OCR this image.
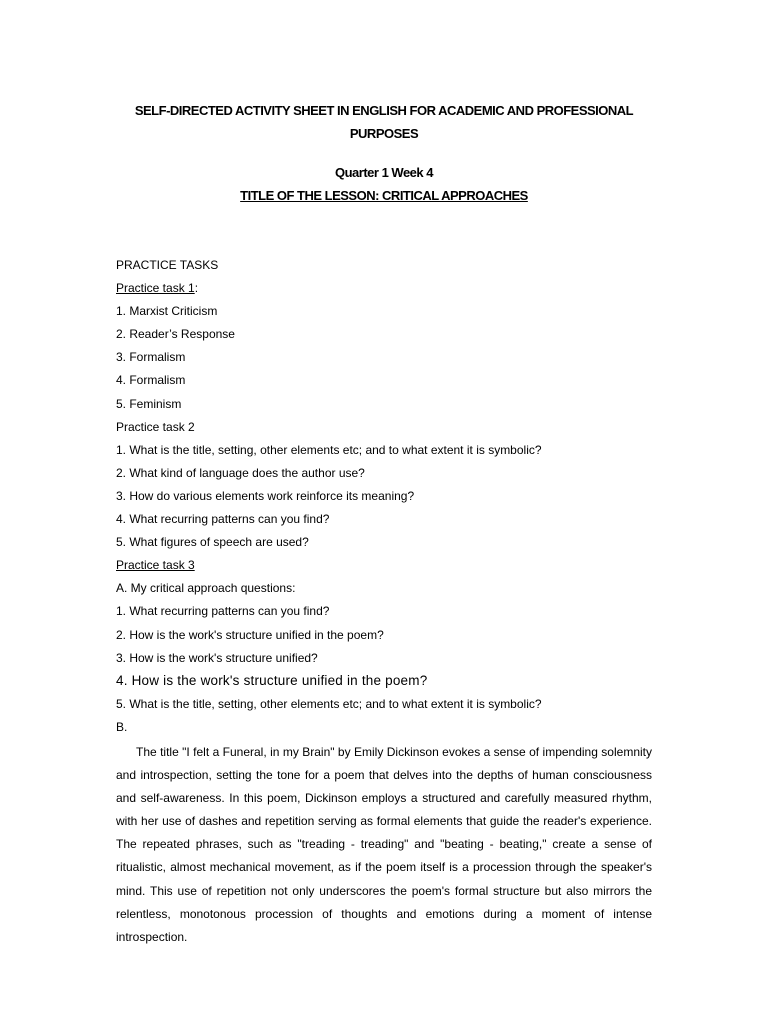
SELF-DIRECTED ACTIVITY SHEET IN ENGLISH FOR ACADEMIC AND PROFESSIONAL
PURPOSES
Quarter 1 Week 4
TITLE OF THE LESSON: CRITICAL APPROACHES
PRACTICE TASKS
Practice task 1:
1. Marxist Criticism
2. Reader’s Response
3. Formalism
4. Formalism
5. Feminism
Practice task 2
1. What is the title, setting, other elements etc; and to what extent it is symbolic?
2. What kind of language does the author use?
3. How do various elements work reinforce its meaning?
4. What recurring patterns can you find?
5. What figures of speech are used?
Practice task 3
A. My critical approach questions:
1. What recurring patterns can you find?
2. How is the work's structure unified in the poem?
3. How is the work's structure unified?
4. How is the work's structure unified in the poem?
5. What is the title, setting, other elements etc; and to what extent it is symbolic?
B.
The title "I felt a Funeral, in my Brain" by Emily Dickinson evokes a sense of impending solemnity and introspection, setting the tone for a poem that delves into the depths of human consciousness and self-awareness. In this poem, Dickinson employs a structured and carefully measured rhythm, with her use of dashes and repetition serving as formal elements that guide the reader's experience. The repeated phrases, such as "treading - treading" and "beating - beating," create a sense of ritualistic, almost mechanical movement, as if the poem itself is a procession through the speaker's mind. This use of repetition not only underscores the poem's formal structure but also mirrors the relentless, monotonous procession of thoughts and emotions during a moment of intense introspection.
